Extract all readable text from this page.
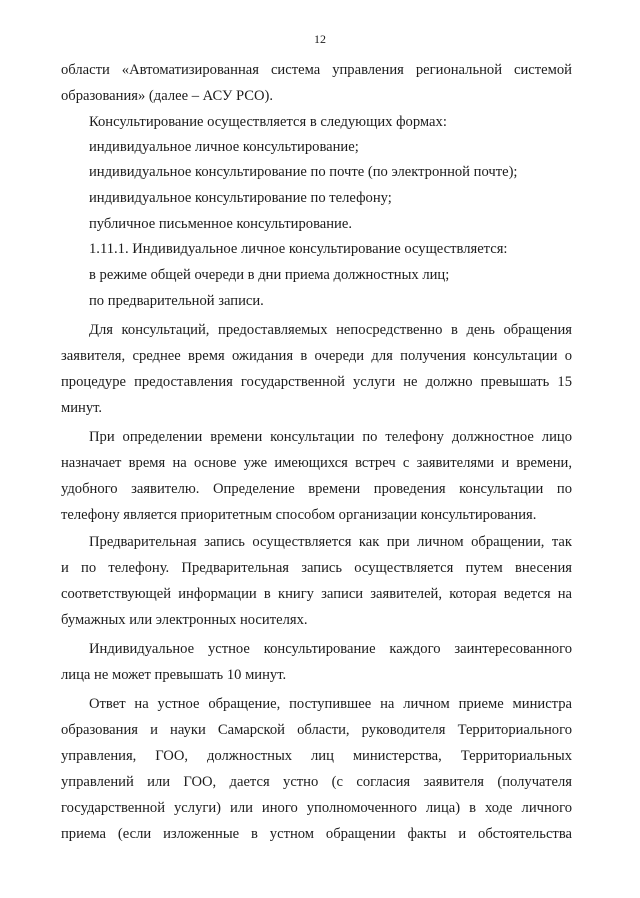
12
области «Автоматизированная система управления региональной системой
образования» (далее – АСУ РСО).
Консультирование осуществляется в следующих формах:
индивидуальное личное консультирование;
индивидуальное консультирование по почте (по электронной почте);
индивидуальное консультирование по телефону;
публичное письменное консультирование.
1.11.1. Индивидуальное личное консультирование осуществляется:
в режиме общей очереди в дни приема должностных лиц;
по предварительной записи.
Для консультаций, предоставляемых непосредственно в день обращения
заявителя, среднее время ожидания в очереди для получения консультации о
процедуре предоставления государственной услуги не должно превышать 15
минут.
При определении времени консультации по телефону должностное лицо
назначает время на основе уже имеющихся встреч с заявителями и времени,
удобного заявителю. Определение времени проведения консультации по
телефону является приоритетным способом организации консультирования.
Предварительная запись осуществляется как при личном обращении, так
и по телефону. Предварительная запись осуществляется путем внесения
соответствующей информации в книгу записи заявителей, которая ведется на
бумажных или электронных носителях.
Индивидуальное устное консультирование каждого заинтересованного
лица не может превышать 10 минут.
Ответ на устное обращение, поступившее на личном приеме министра
образования и науки Самарской области, руководителя Территориального
управления, ГОО, должностных лиц министерства, Территориальных
управлений или ГОО, дается устно (с согласия заявителя (получателя
государственной услуги) или иного уполномоченного лица) в ходе личного
приема (если изложенные в устном обращении факты и обстоятельства
